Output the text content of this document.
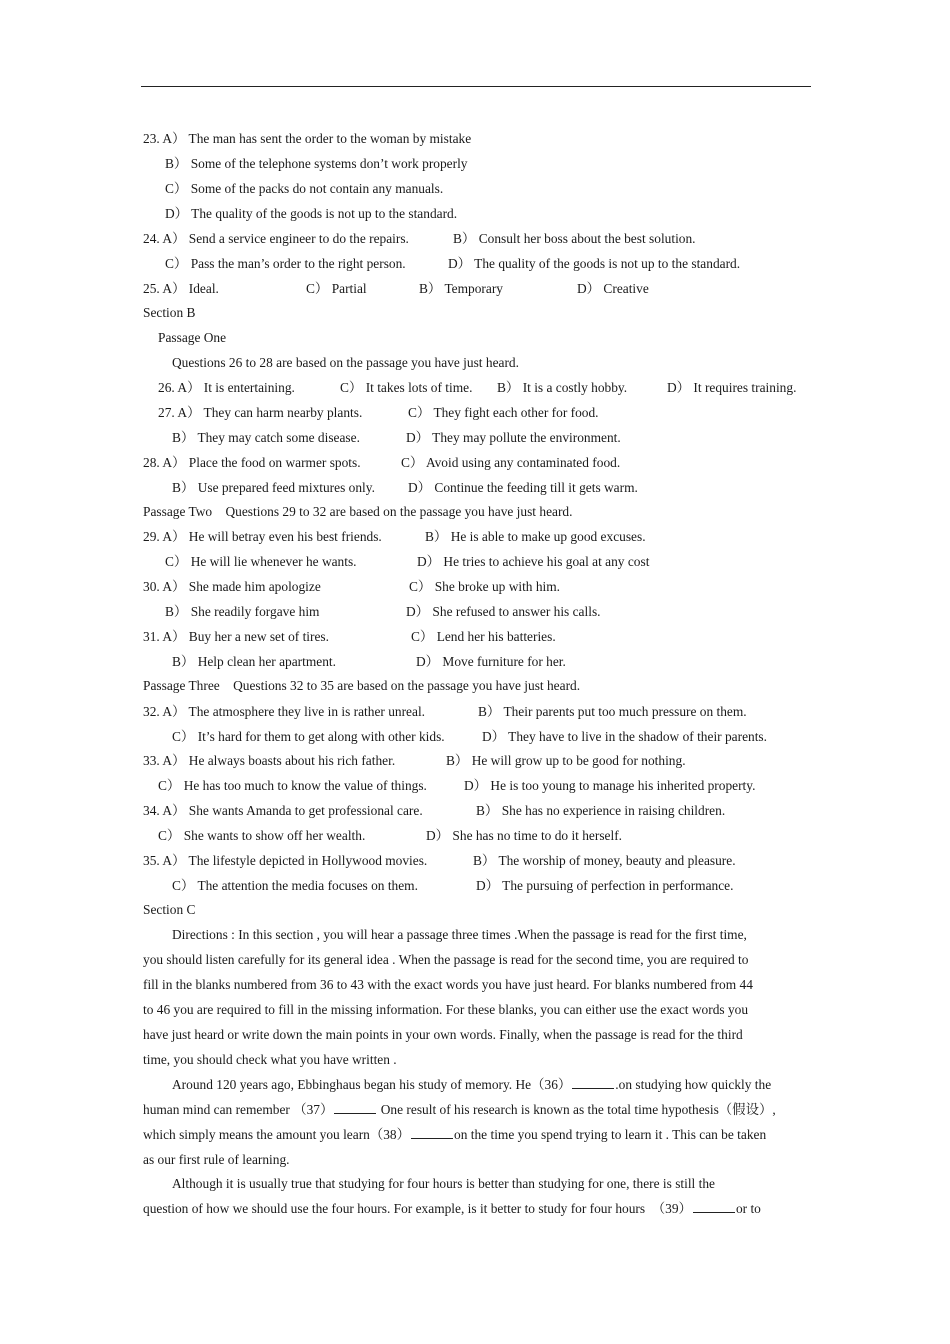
23. A） The man has sent the order to the woman by mistake
B） Some of the telephone systems don’t work properly
C） Some of the packs do not contain any manuals.
D） The quality of the goods is not up to the standard.
24. A） Send a service engineer to do the repairs.	B） Consult her boss about the best solution.
C） Pass the man’s order to the right person.	D） The quality of the goods is not up to the standard.
25. A） Ideal.	C） Partial	B） Temporary	D） Creative
Section B
Passage One
Questions 26 to 28 are based on the passage you have just heard.
26. A） It is entertaining.	C） It takes lots of time. B） It is a costly hobby.	D） It requires training.
27. A） They can harm nearby plants.	C） They fight each other for food.
B） They may catch some disease.	D） They may pollute the environment.
28. A） Place the food on warmer spots.	C） Avoid using any contaminated food.
B） Use prepared feed mixtures only. D） Continue the feeding till it gets warm.
Passage Two　Questions 29 to 32 are based on the passage you have just heard.
29. A） He will betray even his best friends.	B） He is able to make up good excuses.
C） He will lie whenever he wants.	D） He tries to achieve his goal at any cost
30. A） She made him apologize	C） She broke up with him.
B） She readily forgave him	D） She refused to answer his calls.
31. A） Buy her a new set of tires.	C） Lend her his batteries.
B） Help clean her apartment.	D） Move furniture for her.
Passage Three　Questions 32 to 35 are based on the passage you have just heard.
32. A） The atmosphere they live in is rather unreal.	B） Their parents put too much pressure on them.
C） It’s hard for them to get along with other kids.	D） They have to live in the shadow of their parents.
33. A） He always boasts about his rich father.	B） He will grow up to be good for nothing.
C） He has too much to know the value of things.	D） He is too young to manage his inherited property.
34. A） She wants Amanda to get professional care.	B） She has no experience in raising children.
C） She wants to show off her wealth.	D） She has no time to do it herself.
35. A） The lifestyle depicted in Hollywood movies.	B） The worship of money, beauty and pleasure.
C） The attention the media focuses on them.	D） The pursuing of perfection in performance.
Section C
Directions : In this section , you will hear a passage three times .When the passage is read for the first time,
you should listen carefully for its general idea . When the passage is read for the second time, you are required to
fill in the blanks numbered from 36 to 43 with the exact words you have just heard. For blanks numbered from 44
to 46 you are required to fill in the missing information. For these blanks, you can either use the exact words you
have just heard or write down the main points in your own words. Finally, when the passage is read for the third
time, you should check what you have written .
Around 120 years ago, Ebbinghaus began his study of memory. He（36）	.on studying how quickly the
human mind can remember （37）	One result of his research is known as the total time hypothesis（假设）,
which simply means the amount you learn（38）	on the time you spend trying to learn it . This can be taken
as our first rule of learning.
Although it is usually true that studying for four hours is better than studying for one, there is still the
question of how we should use the four hours. For example, is it better to study for four hours　（39）	or to
